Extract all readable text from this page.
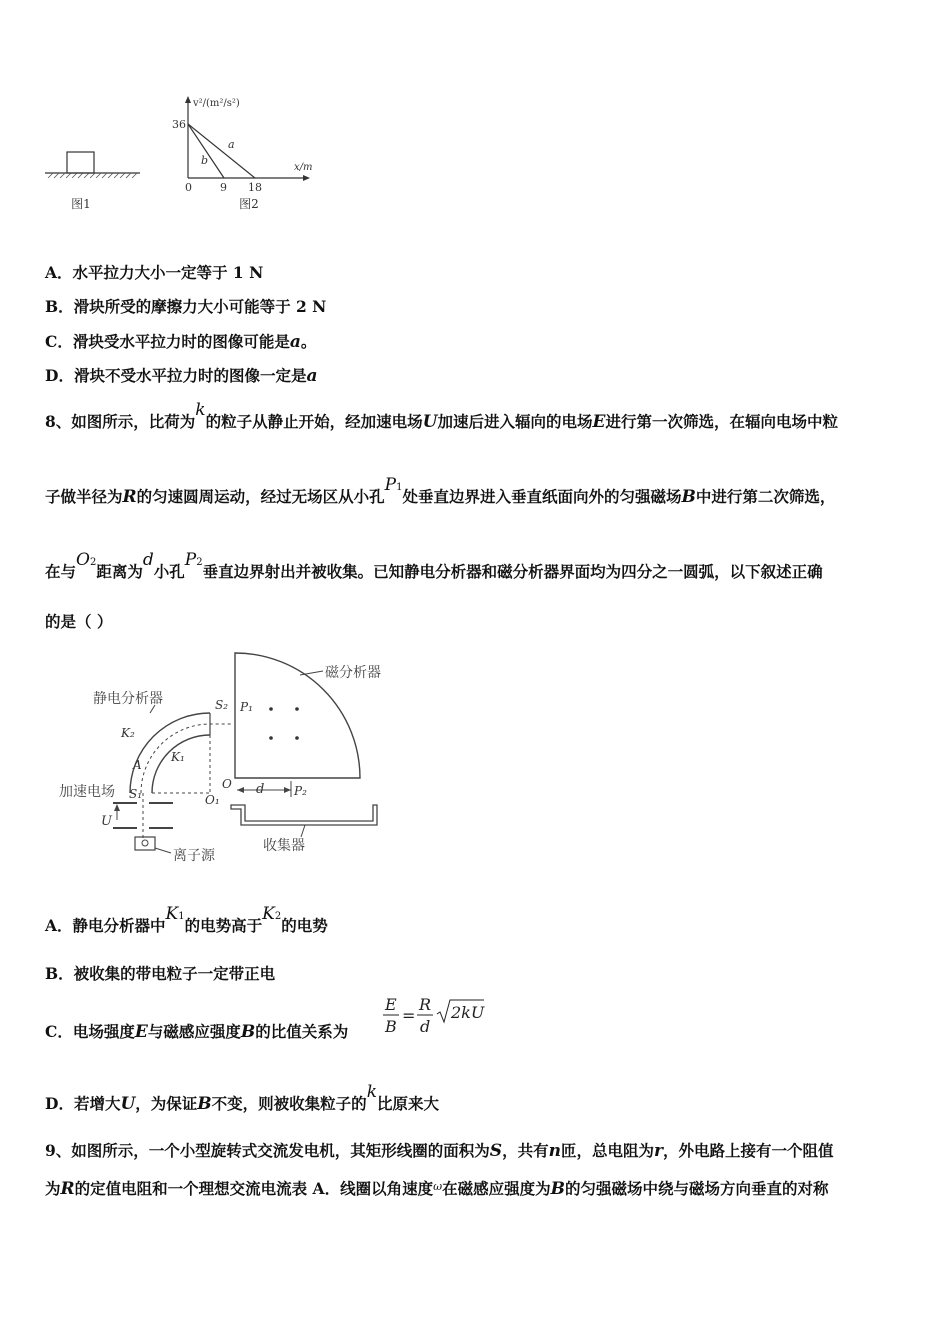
图1
v²/(m²/s²)
x/m
36
0	9 18
a
b
图2
A．水平拉力大小一定等于 1 N
B．滑块所受的摩擦力大小可能等于 2 N
C．滑块受水平拉力时的图像可能是a。
D．滑块不受水平拉力时的图像一定是a
8、如图所示，比荷为k的粒子从静止开始，经加速电场U加速后进入辐向的电场E进行第一次筛选，在辐向电场中粒
子做半径为R的匀速圆周运动，经过无场区从小孔P1处垂直边界进入垂直纸面向外的匀强磁场B中进行第二次筛选，
在与O2距离为d小孔P2垂直边界射出并被收集。已知静电分析器和磁分析器界面均为四分之一圆弧，以下叙述正确
的是（ ）
磁分析器
P₁
O d P₂
收集器
静电分析器	S₂
K₂
A
K₁
O₁
U
S₁
加速电场
离子源
A．静电分析器中K1的电势高于K2的电势
B．被收集的带电粒子一定带正电
C．电场强度E与磁感应强度B的比值关系为
E
B
=
R
d
2kU
D．若增大U，为保证B不变，则被收集粒子的k比原来大
9、如图所示，一个小型旋转式交流发电机，其矩形线圈的面积为S，共有n匝，总电阻为r，外电路上接有一个阻值
为R的定值电阻和一个理想交流电流表 A．线圈以角速度$^\omega$在磁感应强度为B的匀强磁场中绕与磁场方向垂直的对称
